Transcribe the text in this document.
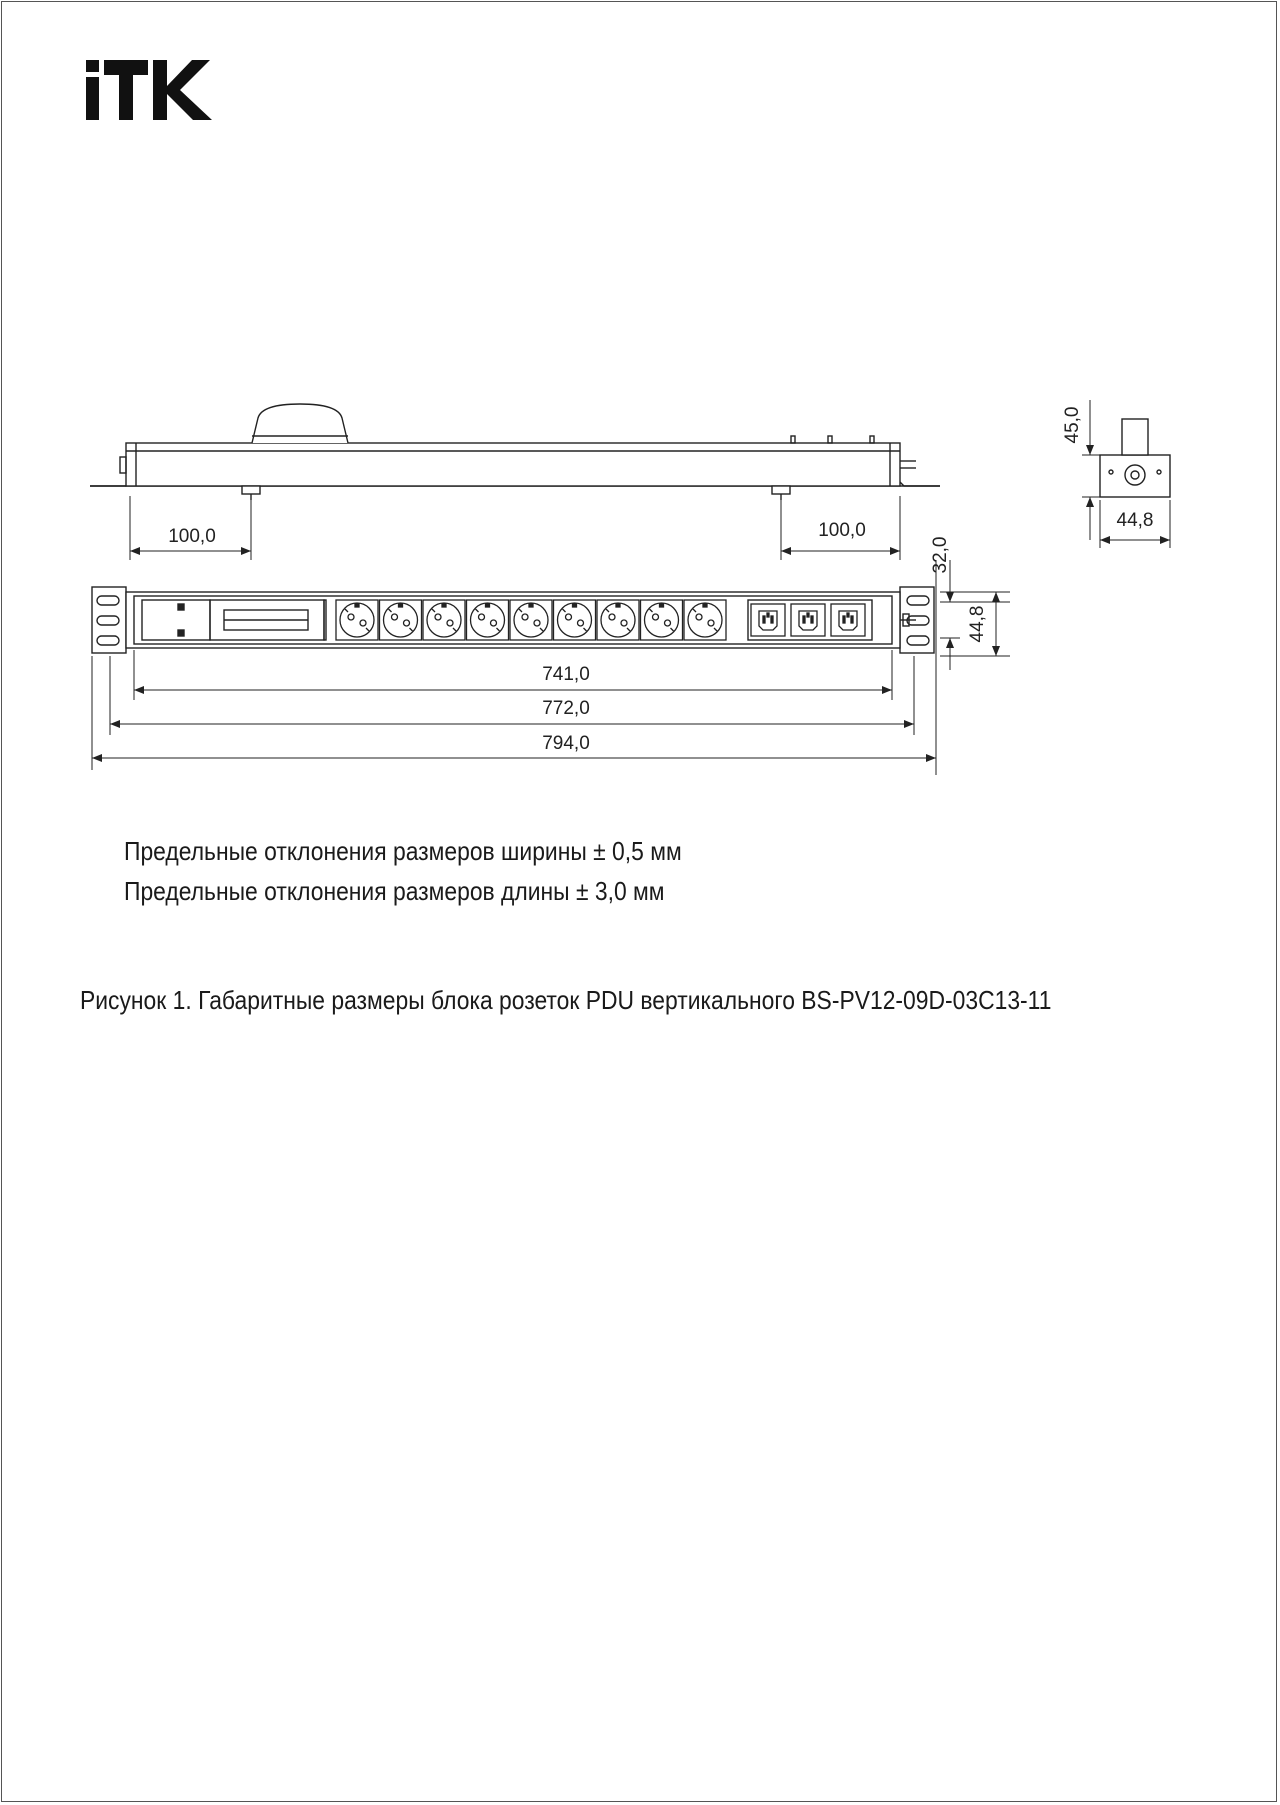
100,0	100,0
45,0
44,8
32,0
44,8
741,0
772,0
794,0
Предельные отклонения размеров ширины ± 0,5 мм
Предельные отклонения размеров длины ± 3,0 мм
Рисунок 1. Габаритные размеры блока розеток PDU вертикального BS-PV12-09D-03C13-11
